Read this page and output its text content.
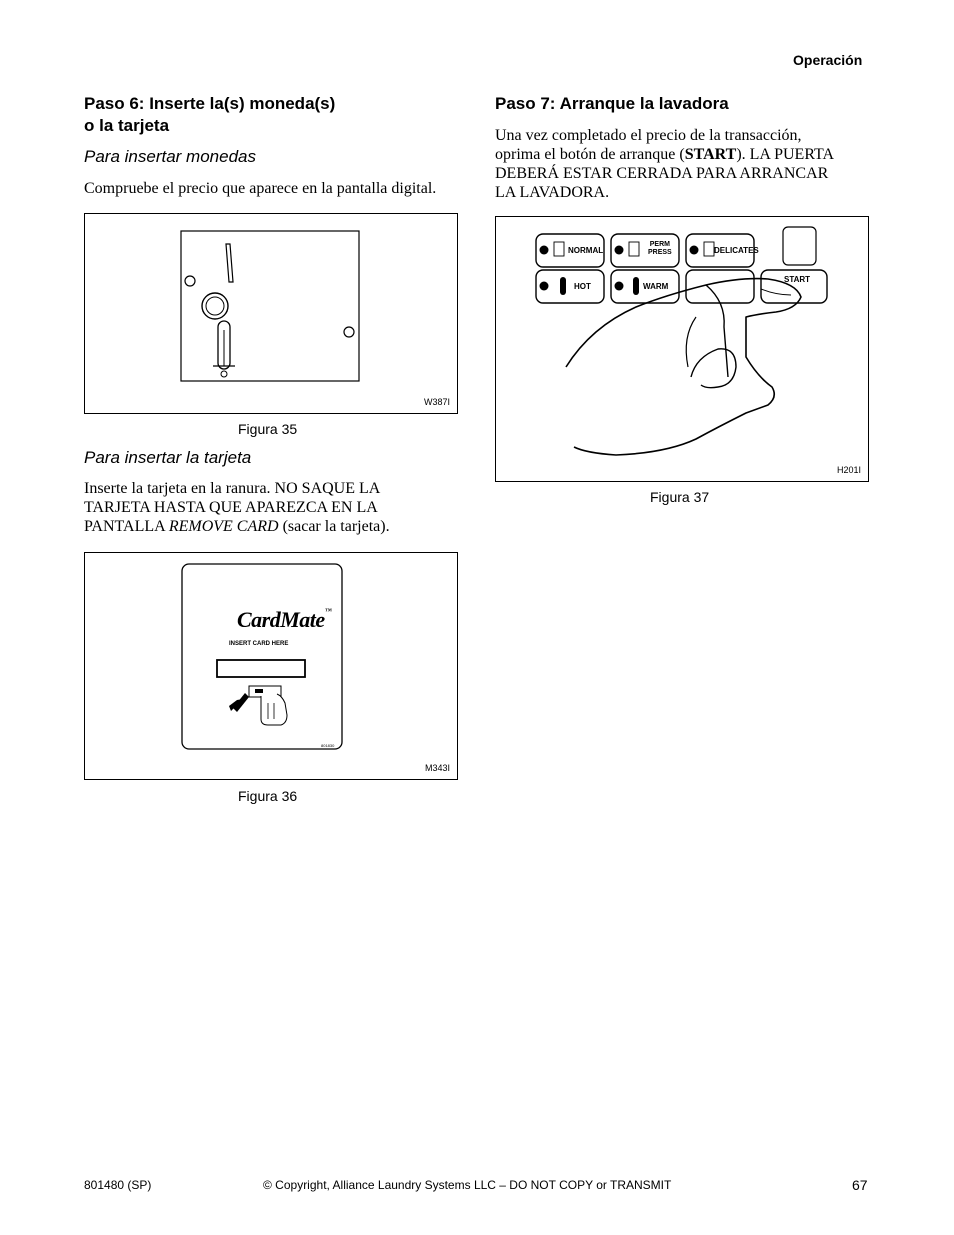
Operación
Paso 6: Inserte la(s) moneda(s)
o la tarjeta
Para insertar monedas
Compruebe el precio que aparece en la pantalla digital.
W387I
Figura 35
Para insertar la tarjeta
Inserte la tarjeta en la ranura. NO SAQUE LA
TARJETA HASTA QUE APAREZCA EN LA
PANTALLA REMOVE CARD (sacar la tarjeta).
CardMate™
INSERT CARD HERE
801830
M343I
Figura 36
Paso 7: Arranque la lavadora
Una vez completado el precio de la transacción,
oprima el botón de arranque (START). LA PUERTA
DEBERÁ ESTAR CERRADA PARA ARRANCAR
LA LAVADORA.
NORMAL
PERM
PRESS	DELICATES
HOT	WARM
START
H201I
Figura 37
801480 (SP)	© Copyright, Alliance Laundry Systems LLC – DO NOT COPY or TRANSMIT	67
